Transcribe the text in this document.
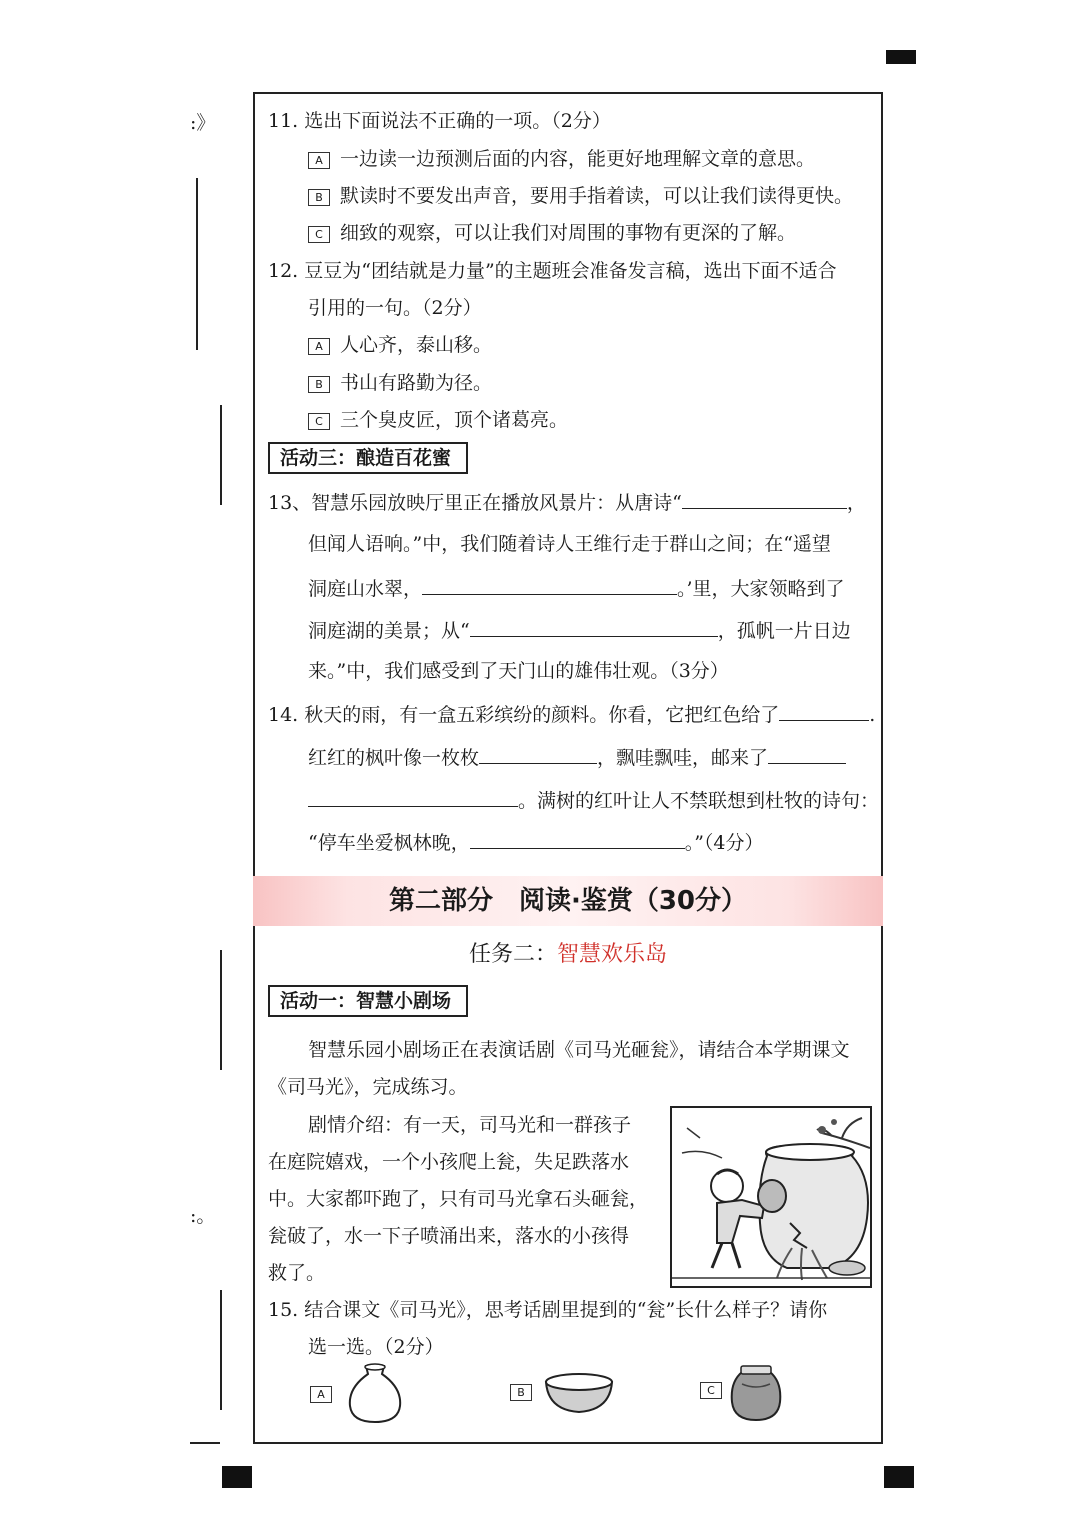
:》
:。
11. 选出下面说法不正确的一项。（2分）
A 一边读一边预测后面的内容，能更好地理解文章的意思。
B 默读时不要发出声音，要用手指着读，可以让我们读得更快。
C 细致的观察，可以让我们对周围的事物有更深的了解。
12. 豆豆为“团结就是力量”的主题班会准备发言稿，选出下面不适合
引用的一句。（2分）
A 人心齐，泰山移。
B 书山有路勤为径。
C 三个臭皮匠，顶个诸葛亮。
活动三：酿造百花蜜
13、智慧乐园放映厅里正在播放风景片：从唐诗“	，
但闻人语响。”中，我们随着诗人王维行走于群山之间；在“遥望
洞庭山水翠，	。’里，大家领略到了
洞庭湖的美景；从“	，孤帆一片日边
来。”中，我们感受到了天门山的雄伟壮观。（3分）
14. 秋天的雨，有一盒五彩缤纷的颜料。你看，它把红色给了	.
红红的枫叶像一枚枚	，飘哇飘哇，邮来了
。满树的红叶让人不禁联想到杜牧的诗句：
“停车坐爱枫林晚，	。”（4分）
第二部分　阅读·鉴赏（30分）
任务二：智慧欢乐岛
活动一：智慧小剧场
智慧乐园小剧场正在表演话剧《司马光砸瓮》，请结合本学期课文
《司马光》，完成练习。
剧情介绍：有一天，司马光和一群孩子
在庭院嬉戏，一个小孩爬上瓮，失足跌落水
中。大家都吓跑了，只有司马光拿石头砸瓮，
瓮破了，水一下子喷涌出来，落水的小孩得
救了。
15. 结合课文《司马光》，思考话剧里提到的“瓮”长什么样子？请你
选一选。（2分）
A	B	C
